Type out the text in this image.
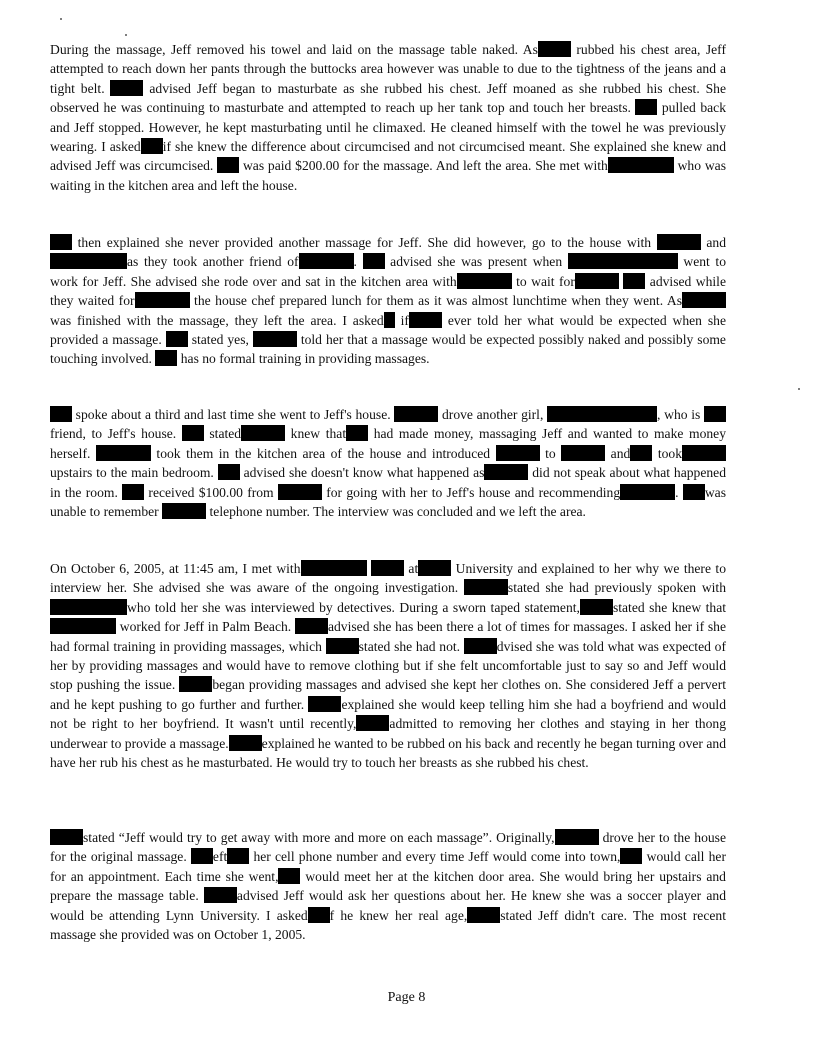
During the massage, Jeff removed his towel and laid on the massage table naked. As rubbed his chest area, Jeff attempted to reach down her pants through the buttocks area however was unable to due to the tightness of the jeans and a tight belt.  advised Jeff began to masturbate as she rubbed his chest. Jeff moaned as she rubbed his chest. She observed he was continuing to masturbate and attempted to reach up her tank top and touch her breasts.  pulled back and Jeff stopped. However, he kept masturbating until he climaxed. He cleaned himself with the towel he was previously wearing. I asked if she knew the difference about circumcised and not circumcised meant. She explained she knew and advised Jeff was circumcised.  was paid $200.00 for the massage. And left the area. She met with	who was waiting in the kitchen area and left the house.

then explained she never provided another massage for Jeff. She did however, go to the house with	and as they took another friend of	.  advised she was present when	went to work for Jeff. She advised she rode over and sat in the kitchen area with	to wait for	advised while they waited for	the house chef prepared lunch for them as it was almost lunchtime when they went. As was finished with the massage, they left the area. I asked if ever told her what would be expected when she provided a massage.  stated yes,	told her that a massage would be expected possibly naked and possibly some touching involved.  has no formal training in providing massages.

spoke about a third and last time she went to Jeff's house.	drove another girl,	, who is  friend, to Jeff's house.  stated	knew that had made money, massaging Jeff and wanted to make money herself.	took them in the kitchen area of the house and introduced	to	and took upstairs to the main bedroom.  advised she doesn't know what happened as	did not speak about what happened in the room.  received $100.00 from	for going with her to Jeff's house and recommending	. was unable to remember	telephone number. The interview was concluded and we left the area.

On October 6, 2005, at 11:45 am, I met with	at University and explained to her why we there to interview her. She advised she was aware of the ongoing investigation.	stated she had previously spoken withwho told her she was interviewed by detectives. During a sworn taped statement, stated she knew that worked for Jeff in Palm Beach. advised she has been there a lot of times for massages. I asked her if she had formal training in providing massages, which stated she had not. dvised she was told what was expected of her by providing massages and would have to remove clothing but if she felt uncomfortable just to say so and Jeff would stop pushing the issue. began providing massages and advised she kept her clothes on. She considered Jeff a pervert and he kept pushing to go further and further. explained she would keep telling him she had a boyfriend and would not be right to her boyfriend. It wasn't until recently, admitted to removing her clothes and staying in her thong underwear to provide a massage. explained he wanted to be rubbed on his back and recently he began turning over and have her rub his chest as he masturbated. He would try to touch her breasts as she rubbed his chest.

stated “Jeff would try to get away with more and more on each massage”. Originally,	drove her to the house for the original massage. eft her cell phone number and every time Jeff would come into town, would call her for an appointment. Each time she went, would meet her at the kitchen door area. She would bring her upstairs and prepare the massage table. advised Jeff would ask her questions about her. He knew she was a soccer player and would be attending Lynn University. I asked f he knew her real age, stated Jeff didn't care. The most recent massage she provided was on October 1, 2005.

Page 8
